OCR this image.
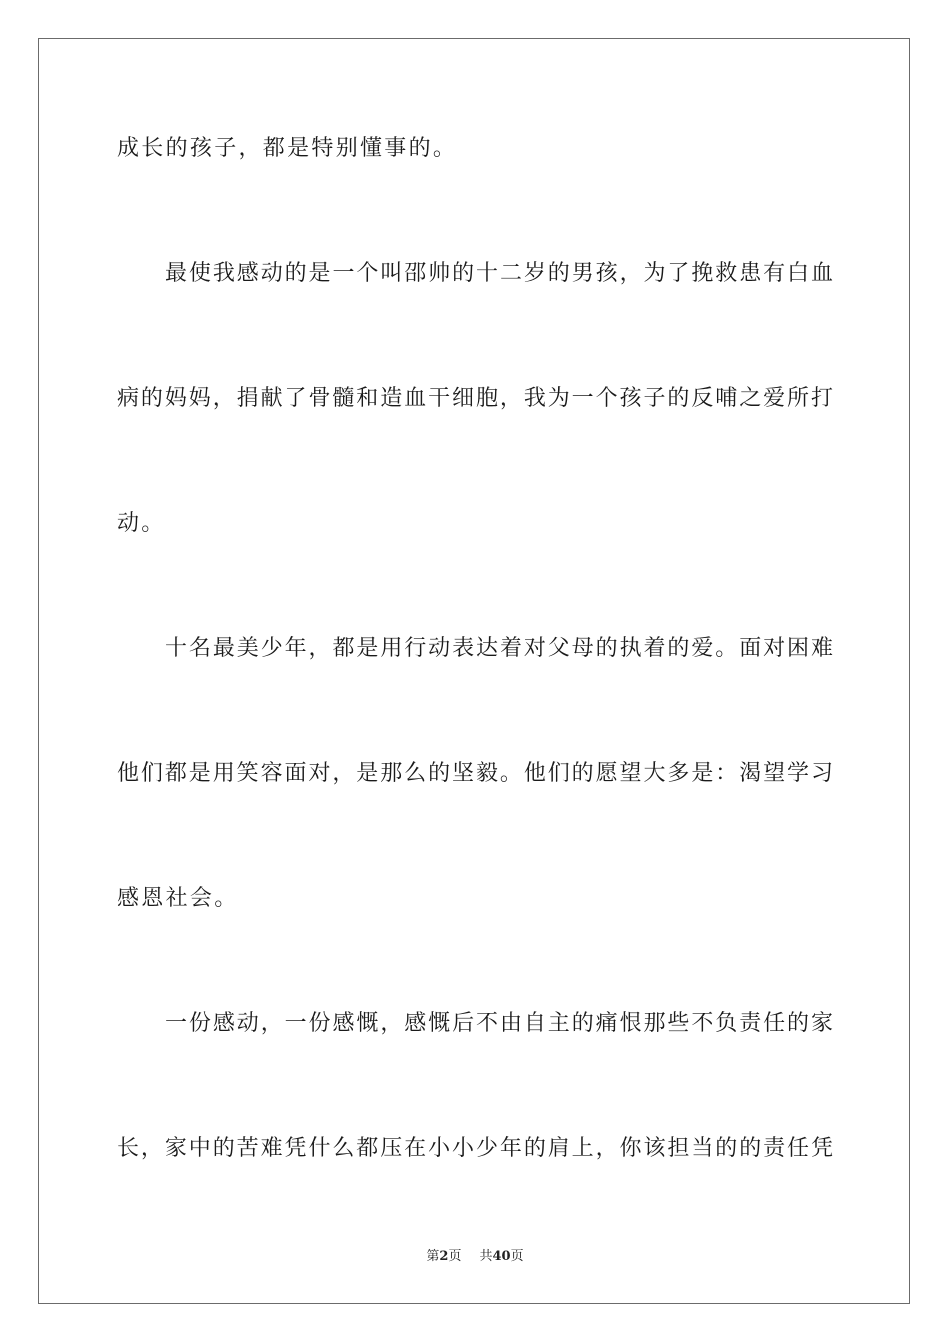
成长的孩子，都是特别懂事的。
最使我感动的是一个叫邵帅的十二岁的男孩，为了挽救患有白血
病的妈妈，捐献了骨髓和造血干细胞，我为一个孩子的反哺之爱所打
动。
十名最美少年，都是用行动表达着对父母的执着的爱。面对困难
他们都是用笑容面对，是那么的坚毅。他们的愿望大多是：渴望学习
感恩社会。
一份感动，一份感慨，感慨后不由自主的痛恨那些不负责任的家
长，家中的苦难凭什么都压在小小少年的肩上，你该担当的的责任凭
第2页 共40页
